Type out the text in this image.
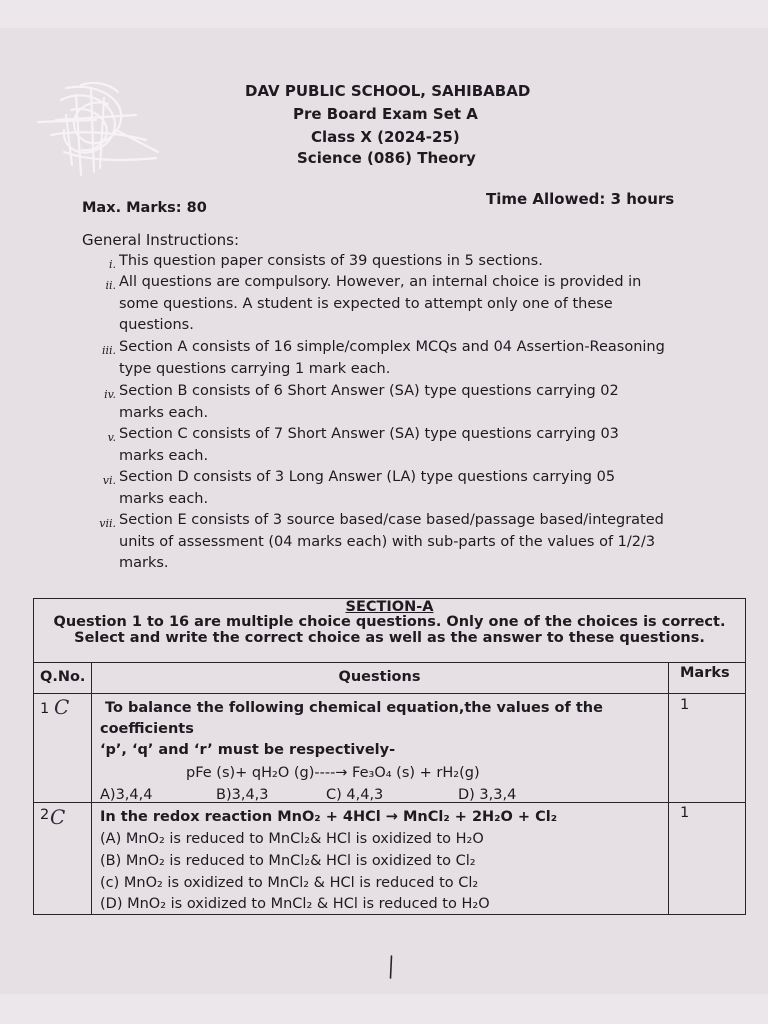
DAV PUBLIC SCHOOL, SAHIBABAD
Pre Board Exam Set A
Class X (2024-25)
Science (086) Theory
Max. Marks: 80	Time Allowed: 3 hours
General Instructions:
i. This question paper consists of 39 questions in 5 sections.
ii. All questions are compulsory. However, an internal choice is provided in
some questions. A student is expected to attempt only one of these
questions.
iii. Section A consists of 16 simple/complex MCQs and 04 Assertion-Reasoning
type questions carrying 1 mark each.
iv. Section B consists of 6 Short Answer (SA) type questions carrying 02
marks each.
v. Section C consists of 7 Short Answer (SA) type questions carrying 03
marks each.
vi. Section D consists of 3 Long Answer (LA) type questions carrying 05
marks each.
vii. Section E consists of 3 source based/case based/passage based/integrated
units of assessment (04 marks each) with sub-parts of the values of 1/2/3
marks.
SECTION-A
Question 1 to 16 are multiple choice questions. Only one of the choices is correct.
Select and write the correct choice as well as the answer to these questions.
Q.No.	Questions	Marks
1 C To balance the following chemical equation,the values of the
coefficients
‘p’, ‘q’ and ‘r’ must be respectively-
pFe (s)+ qH₂O (g)----→ Fe₃O₄ (s) + rH₂(g)
A)3,4,4	B)3,4,3	C) 4,4,3	D) 3,3,4
1
2 C In the redox reaction MnO₂ + 4HCl → MnCl₂ + 2H₂O + Cl₂
(A) MnO₂ is reduced to MnCl₂& HCl is oxidized to H₂O
(B) MnO₂ is reduced to MnCl₂& HCl is oxidized to Cl₂
(c) MnO₂ is oxidized to MnCl₂ & HCl is reduced to Cl₂
(D) MnO₂ is oxidized to MnCl₂ & HCl is reduced to H₂O
1
